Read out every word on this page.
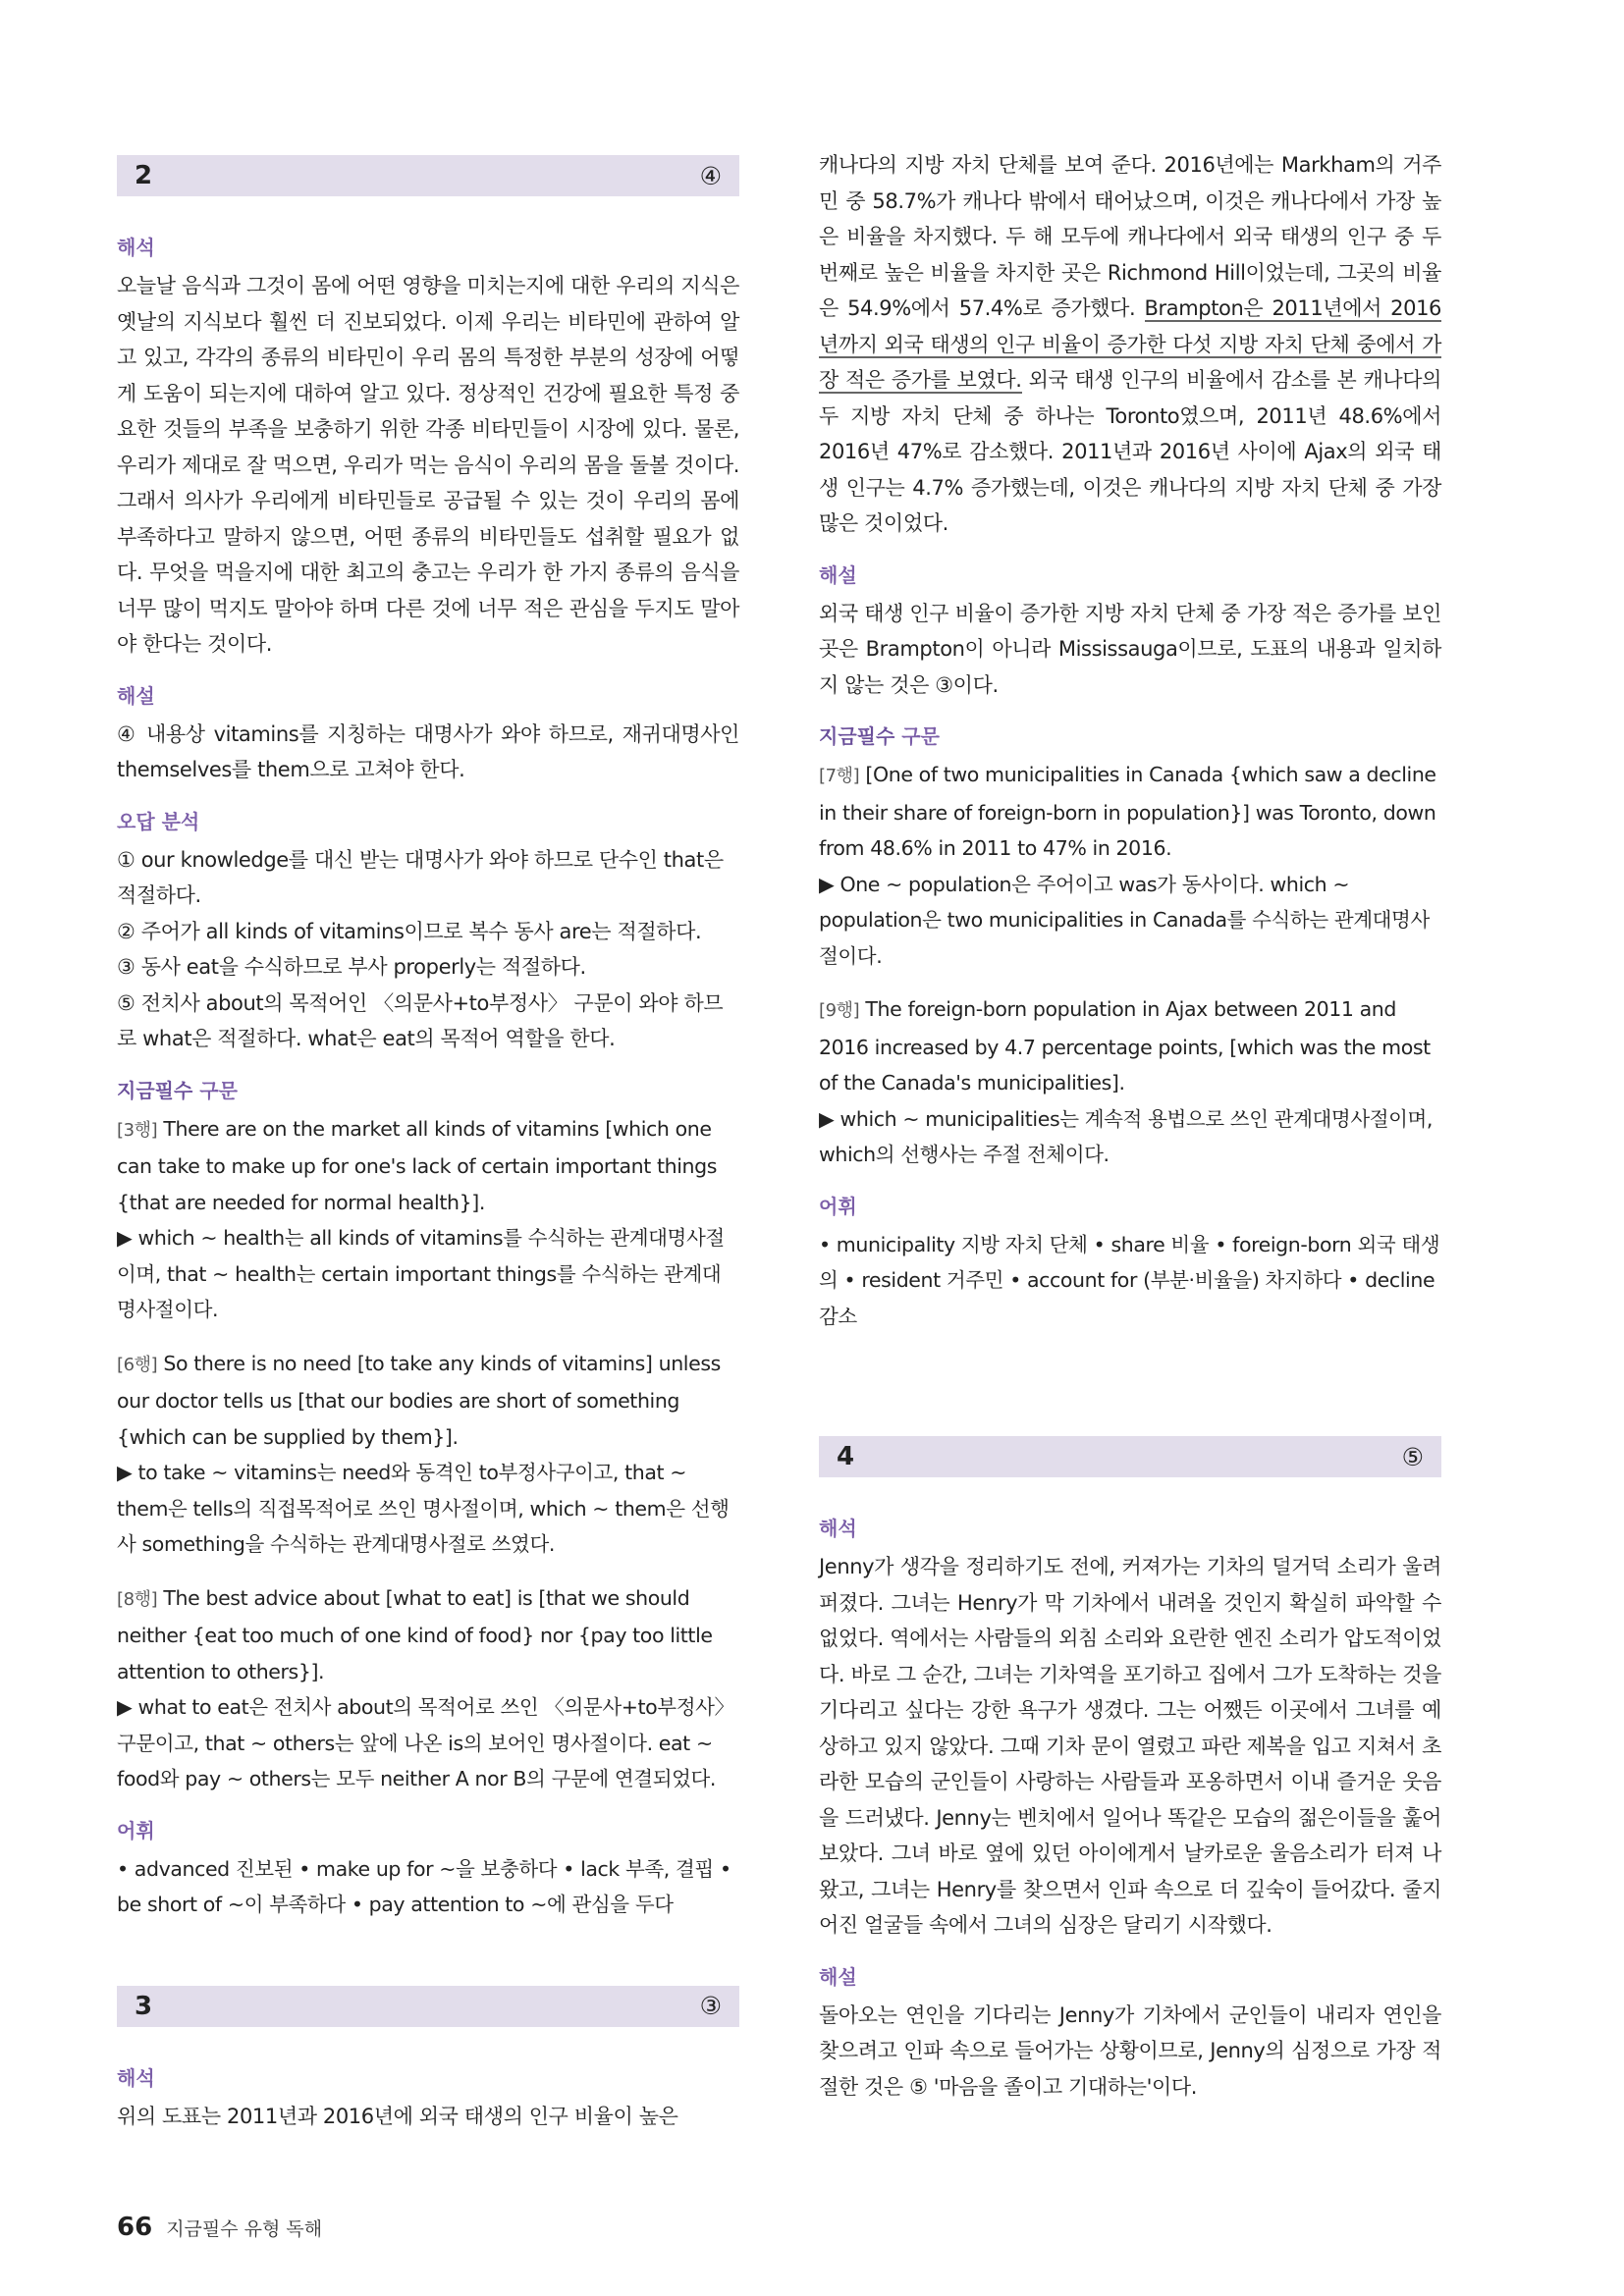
2	④
해석

오늘날 음식과 그것이 몸에 어떤 영향을 미치는지에 대한 우리의 지식은 옛날의 지식보다 훨씬 더 진보되었다. 이제 우리는 비타민에 관하여 알고 있고, 각각의 종류의 비타민이 우리 몸의 특정한 부분의 성장에 어떻게 도움이 되는지에 대하여 알고 있다. 정상적인 건강에 필요한 특정 중요한 것들의 부족을 보충하기 위한 각종 비타민들이 시장에 있다. 물론, 우리가 제대로 잘 먹으면, 우리가 먹는 음식이 우리의 몸을 돌볼 것이다. 그래서 의사가 우리에게 비타민들로 공급될 수 있는 것이 우리의 몸에 부족하다고 말하지 않으면, 어떤 종류의 비타민들도 섭취할 필요가 없다. 무엇을 먹을지에 대한 최고의 충고는 우리가 한 가지 종류의 음식을 너무 많이 먹지도 말아야 하며 다른 것에 너무 적은 관심을 두지도 말아야 한다는 것이다.

해설

④ 내용상 vitamins를 지칭하는 대명사가 와야 하므로, 재귀대명사인 themselves를 them으로 고쳐야 한다.

오답 분석

① our knowledge를 대신 받는 대명사가 와야 하므로 단수인 that은 적절하다.

② 주어가 all kinds of vitamins이므로 복수 동사 are는 적절하다.

③ 동사 eat을 수식하므로 부사 properly는 적절하다.

⑤ 전치사 about의 목적어인 〈의문사+to부정사〉 구문이 와야 하므로 what은 적절하다. what은 eat의 목적어 역할을 한다.

지금필수 구문
[3행] There are on the market all kinds of vitamins [which one can take to make up for one's lack of certain important things {that are needed for normal health}].
▶ which ~ health는 all kinds of vitamins를 수식하는 관계대명사절이며, that ~ health는 certain important things를 수식하는 관계대명사절이다.
[6행] So there is no need [to take any kinds of vitamins] unless our doctor tells us [that our bodies are short of something {which can be supplied by them}].
▶ to take ~ vitamins는 need와 동격인 to부정사구이고, that ~ them은 tells의 직접목적어로 쓰인 명사절이며, which ~ them은 선행사 something을 수식하는 관계대명사절로 쓰였다.
[8행] The best advice about [what to eat] is [that we should neither {eat too much of one kind of food} nor {pay too little attention to others}].
▶ what to eat은 전치사 about의 목적어로 쓰인 〈의문사+to부정사〉 구문이고, that ~ others는 앞에 나온 is의 보어인 명사절이다. eat ~ food와 pay ~ others는 모두 neither A nor B의 구문에 연결되었다.
어휘

• advanced 진보된 • make up for ~을 보충하다 • lack 부족, 결핍 • be short of ~이 부족하다 • pay attention to ~에 관심을 두다

3	③
해석

위의 도표는 2011년과 2016년에 외국 태생의 인구 비율이 높은

캐나다의 지방 자치 단체를 보여 준다. 2016년에는 Markham의 거주민 중 58.7%가 캐나다 밖에서 태어났으며, 이것은 캐나다에서 가장 높은 비율을 차지했다. 두 해 모두에 캐나다에서 외국 태생의 인구 중 두 번째로 높은 비율을 차지한 곳은 Richmond Hill이었는데, 그곳의 비율은 54.9%에서 57.4%로 증가했다. Brampton은 2011년에서 2016년까지 외국 태생의 인구 비율이 증가한 다섯 지방 자치 단체 중에서 가장 적은 증가를 보였다. 외국 태생 인구의 비율에서 감소를 본 캐나다의 두 지방 자치 단체 중 하나는 Toronto였으며, 2011년 48.6%에서 2016년 47%로 감소했다. 2011년과 2016년 사이에 Ajax의 외국 태생 인구는 4.7% 증가했는데, 이것은 캐나다의 지방 자치 단체 중 가장 많은 것이었다.

해설

외국 태생 인구 비율이 증가한 지방 자치 단체 중 가장 적은 증가를 보인 곳은 Brampton이 아니라 Mississauga이므로, 도표의 내용과 일치하지 않는 것은 ③이다.

지금필수 구문
[7행] [One of two municipalities in Canada {which saw a decline in their share of foreign-born in population}] was Toronto, down from 48.6% in 2011 to 47% in 2016.
▶ One ~ population은 주어이고 was가 동사이다. which ~ population은 two municipalities in Canada를 수식하는 관계대명사절이다.
[9행] The foreign-born population in Ajax between 2011 and 2016 increased by 4.7 percentage points, [which was the most of the Canada's municipalities].
▶ which ~ municipalities는 계속적 용법으로 쓰인 관계대명사절이며, which의 선행사는 주절 전체이다.
어휘

• municipality 지방 자치 단체 • share 비율 • foreign-born 외국 태생의 • resident 거주민 • account for (부분·비율을) 차지하다 • decline 감소

4	⑤
해석

Jenny가 생각을 정리하기도 전에, 커져가는 기차의 덜거덕 소리가 울려 퍼졌다. 그녀는 Henry가 막 기차에서 내려올 것인지 확실히 파악할 수 없었다. 역에서는 사람들의 외침 소리와 요란한 엔진 소리가 압도적이었다. 바로 그 순간, 그녀는 기차역을 포기하고 집에서 그가 도착하는 것을 기다리고 싶다는 강한 욕구가 생겼다. 그는 어쨌든 이곳에서 그녀를 예상하고 있지 않았다. 그때 기차 문이 열렸고 파란 제복을 입고 지쳐서 초라한 모습의 군인들이 사랑하는 사람들과 포옹하면서 이내 즐거운 웃음을 드러냈다. Jenny는 벤치에서 일어나 똑같은 모습의 젊은이들을 훑어보았다. 그녀 바로 옆에 있던 아이에게서 날카로운 울음소리가 터져 나왔고, 그녀는 Henry를 찾으면서 인파 속으로 더 깊숙이 들어갔다. 줄지어진 얼굴들 속에서 그녀의 심장은 달리기 시작했다.

해설

돌아오는 연인을 기다리는 Jenny가 기차에서 군인들이 내리자 연인을 찾으려고 인파 속으로 들어가는 상황이므로, Jenny의 심정으로 가장 적절한 것은 ⑤ '마음을 졸이고 기대하는'이다.

66 지금필수 유형 독해
